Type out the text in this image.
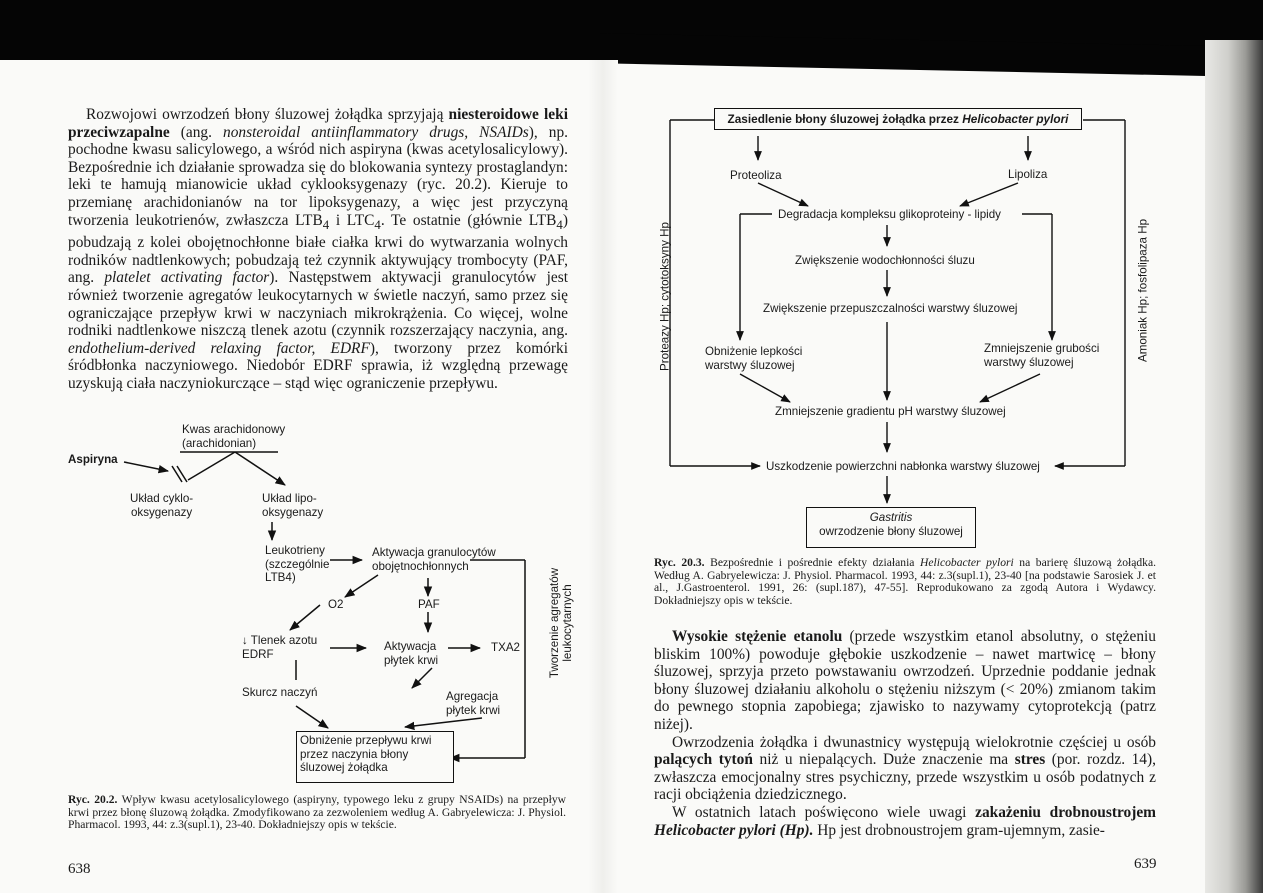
Rozwojowi owrzodzeń błony śluzowej żołądka sprzyjają niesteroidowe leki przeciwzapalne (ang. nonsteroidal antiinflammatory drugs, NSAIDs), np. pochodne kwasu salicylowego, a wśród nich aspiryna (kwas acetylosalicylowy). Bezpośrednie ich działanie sprowadza się do blokowania syntezy prostaglandyn: leki te hamują mianowicie układ cyklooksygenazy (ryc. 20.2). Kieruje to przemianę arachidonianów na tor lipoksygenazy, a więc jest przyczyną tworzenia leukotrienów, zwłaszcza $LTB_4$ i $LTC_4$. Te ostatnie (głównie $LTB_4$) pobudzają z kolei obojętnochłonne białe ciałka krwi do wytwarzania wolnych rodników nadtlenkowych; pobudzają też czynnik aktywujący trombocyty (PAF, ang. platelet activating factor). Następstwem aktywacji granulocytów jest również tworzenie agregatów leukocytarnych w świetle naczyń, samo przez się ograniczające przepływ krwi w naczyniach mikrokrążenia. Co więcej, wolne rodniki nadtlenkowe niszczą tlenek azotu (czynnik rozszerzający naczynia, ang. endothelium-derived relaxing factor, EDRF), tworzony przez komórki śródbłonka naczyniowego. Niedobór EDRF sprawia, iż względną przewagę uzyskują ciała naczyniokurczące – stąd więc ograniczenie przepływu.

Kwas arachidonowy
(arachidonian)
Aspiryna
Układ cyklo-
oksygenazy
Układ lipo-
oksygenazy
Leukotrieny
(szczególnie
LTB4)
Aktywacja granulocytów
obojętnochłonnych
O2	PAF
↓ Tlenek azotu
EDRF
Aktywacja
płytek krwi
TXA2
Skurcz naczyń	Agregacja
płytek krwi
Tworzenie agregatów leukocytarnych
Obniżenie przepływu krwi
przez naczynia błony
śluzowej żołądka
Ryc. 20.2. Wpływ kwasu acetylosalicylowego (aspiryny, typowego leku z grupy NSAIDs) na przepływ krwi przez błonę śluzową żołądka. Zmodyfikowano za zezwoleniem według A. Gabryelewicza: J. Physiol. Pharmacol. 1993, 44: z.3(supl.1), 23-40. Dokładniejszy opis w tekście.
638
Zasiedlenie błony śluzowej żołądka przez Helicobacter pylori
Proteoliza	Lipoliza
Degradacja kompleksu glikoproteiny - lipidy
Zwiększenie wodochłonności śluzu
Zwiększenie przepuszczalności warstwy śluzowej
Obniżenie lepkości
warstwy śluzowej
Zmniejszenie grubości
warstwy śluzowej
Zmniejszenie gradientu pH warstwy śluzowej
Uszkodzenie powierzchni nabłonka warstwy śluzowej
Gastritis
owrzodzenie błony śluzowej
Proteazy Hp; cytotoksyny Hp	Amoniak Hp; fosfolipaza Hp
Ryc. 20.3. Bezpośrednie i pośrednie efekty działania Helicobacter pylori na barierę śluzową żołądka. Według A. Gabryelewicza: J. Physiol. Pharmacol. 1993, 44: z.3(supl.1), 23-40 [na podstawie Sarosiek J. et al., J.Gastroenterol. 1991, 26: (supl.187), 47-55]. Reprodukowano za zgodą Autora i Wydawcy. Dokładniejszy opis w tekście.

Wysokie stężenie etanolu (przede wszystkim etanol absolutny, o stężeniu bliskim 100%) powoduje głębokie uszkodzenie – nawet martwicę – błony śluzowej, sprzyja przeto powstawaniu owrzodzeń. Uprzednie poddanie jednak błony śluzowej działaniu alkoholu o stężeniu niższym (< 20%) zmianom takim do pewnego stopnia zapobiega; zjawisko to nazywamy cytoprotekcją (patrz niżej).

Owrzodzenia żołądka i dwunastnicy występują wielokrotnie częściej u osób palących tytoń niż u niepalących. Duże znaczenie ma stres (por. rozdz. 14), zwłaszcza emocjonalny stres psychiczny, przede wszystkim u osób podatnych z racji obciążenia dziedzicznego.

W ostatnich latach poświęcono wiele uwagi zakażeniu drobnoustrojem Helicobacter pylori (Hp). Hp jest drobnoustrojem gram-ujemnym, zasie-

639
